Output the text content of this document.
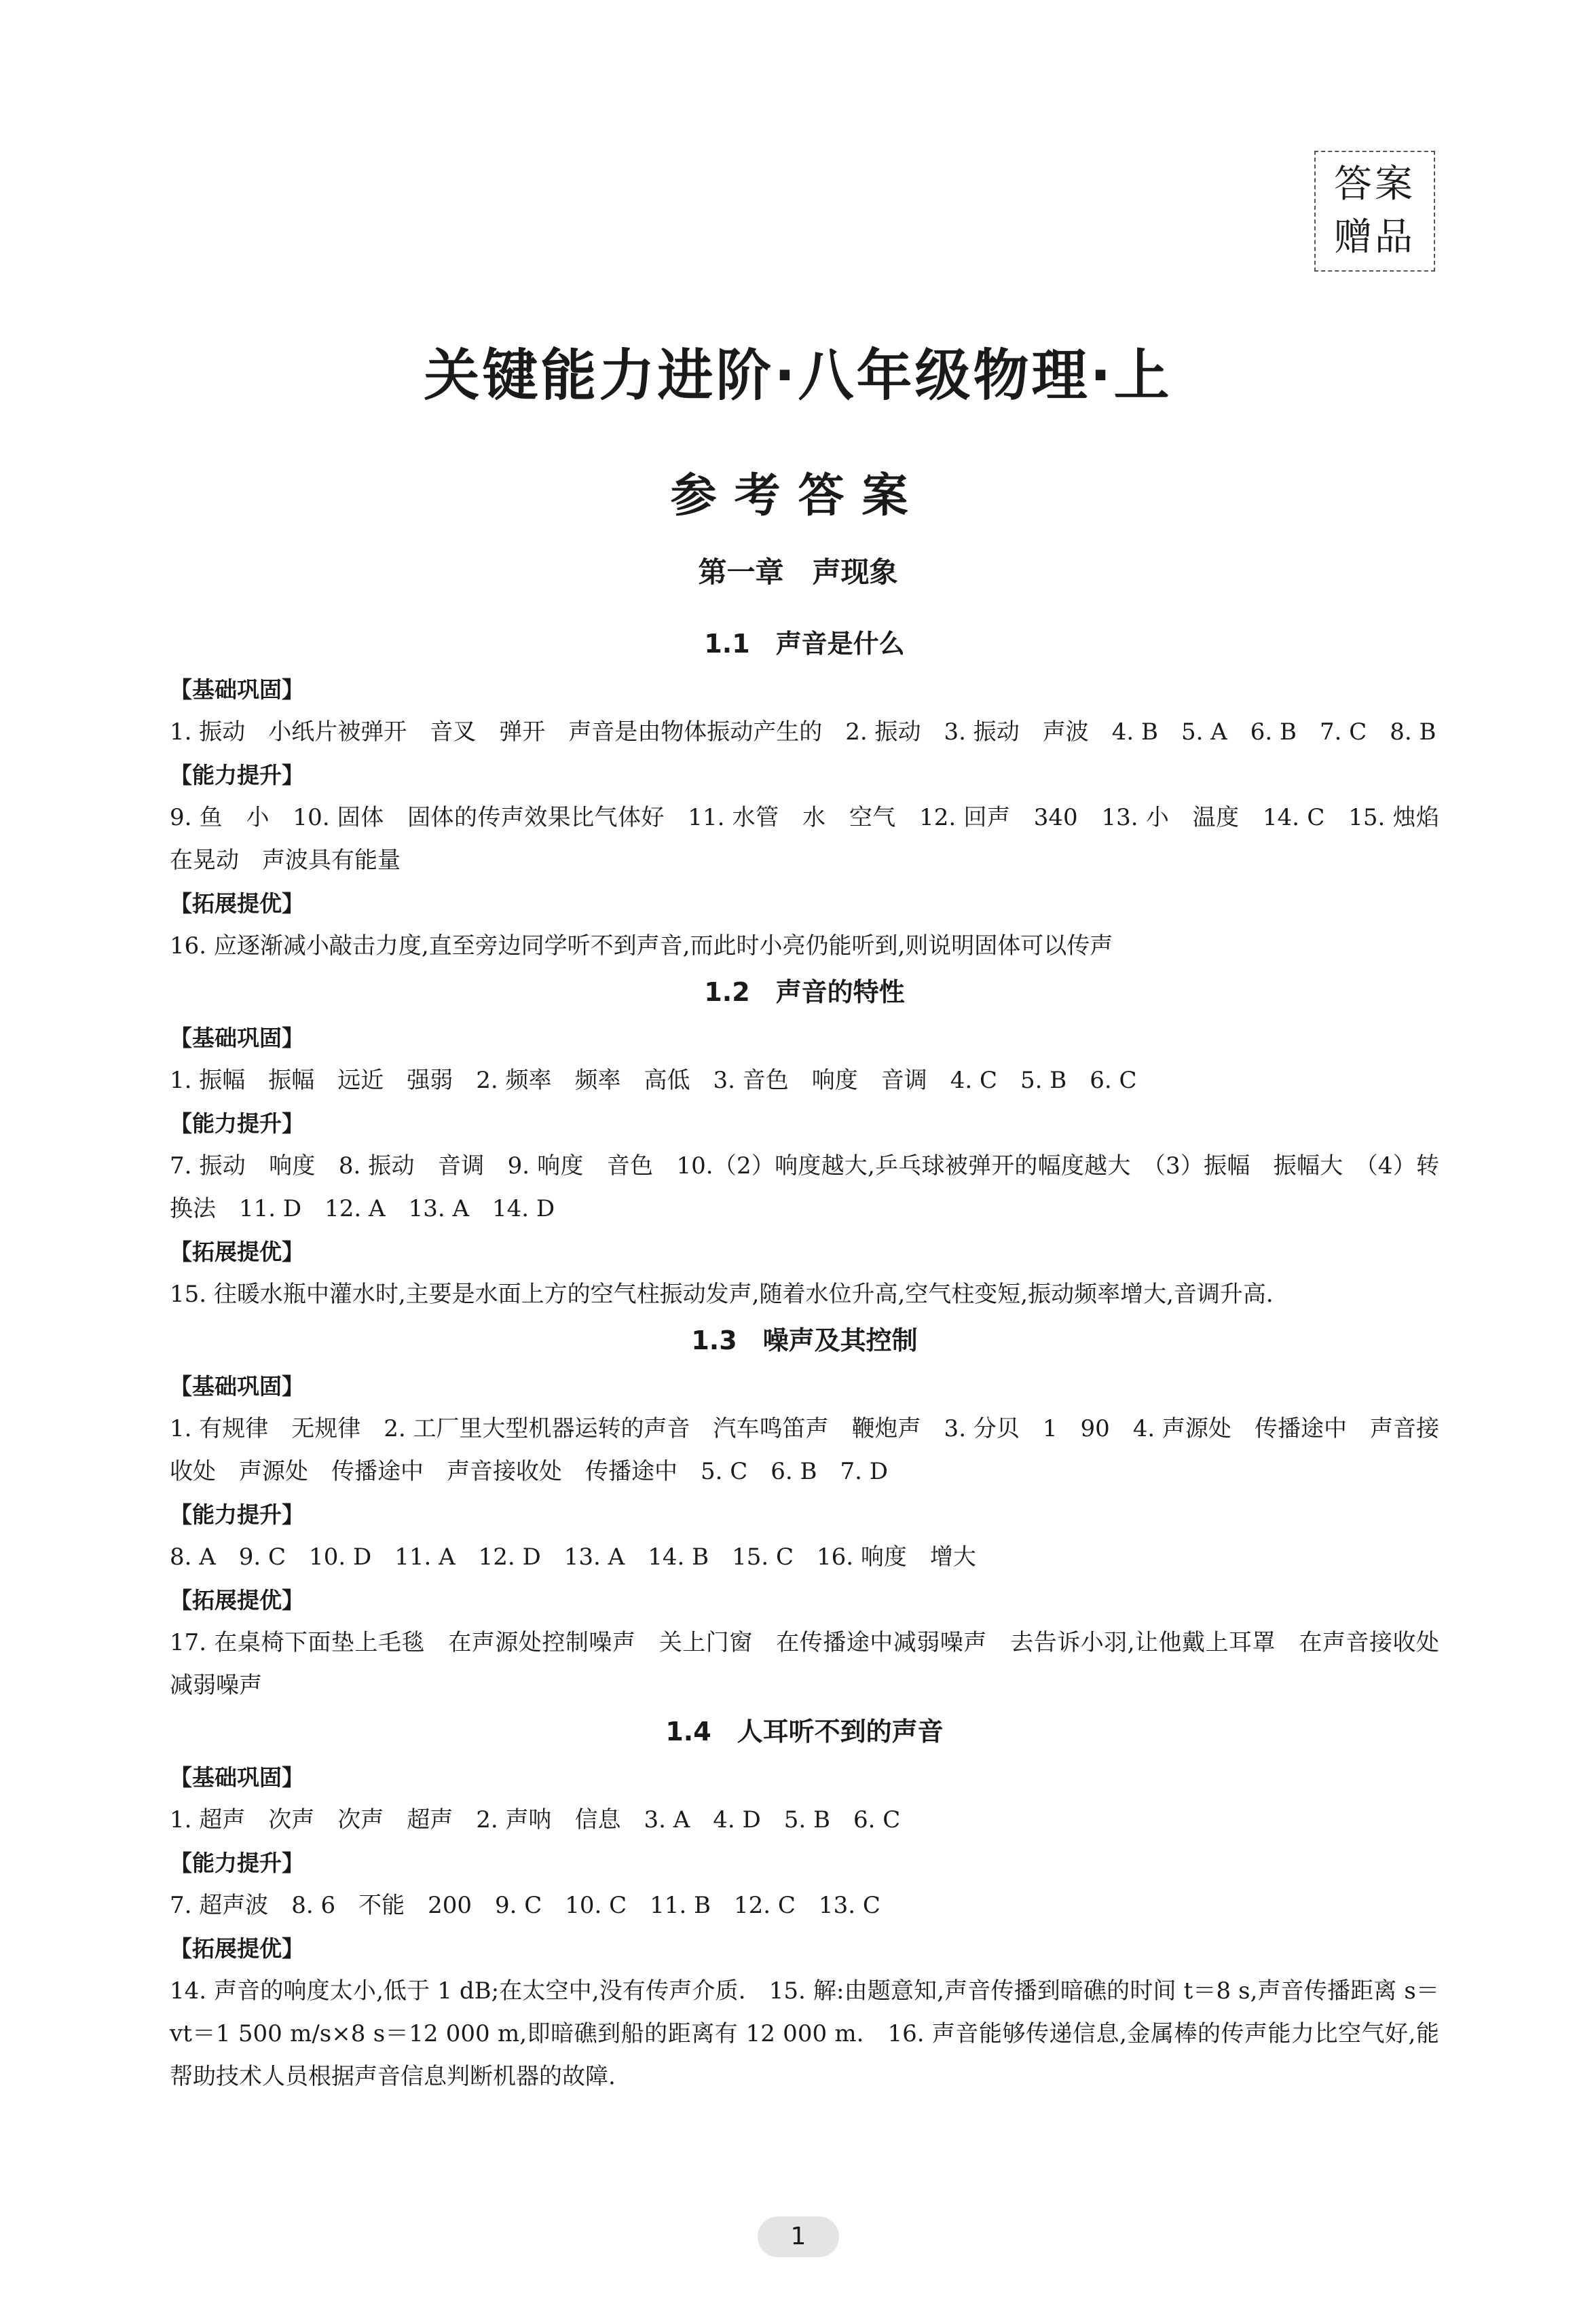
答案
赠品
关键能力进阶·八年级物理·上
参考答案
第一章　声现象
1.1　声音是什么
【基础巩固】
1. 振动　小纸片被弹开　音叉　弹开　声音是由物体振动产生的　2. 振动　3. 振动　声波　4. B　5. A　6. B　7. C　8. B
【能力提升】
9. 鱼　小　10. 固体　固体的传声效果比气体好　11. 水管　水　空气　12. 回声　340　13. 小　温度　14. C　15. 烛焰在晃动　声波具有能量
【拓展提优】
16. 应逐渐减小敲击力度,直至旁边同学听不到声音,而此时小亮仍能听到,则说明固体可以传声
1.2　声音的特性
【基础巩固】
1. 振幅　振幅　远近　强弱　2. 频率　频率　高低　3. 音色　响度　音调　4. C　5. B　6. C
【能力提升】
7. 振动　响度　8. 振动　音调　9. 响度　音色　10.（2）响度越大,乒乓球被弹开的幅度越大　（3）振幅　振幅大　（4）转换法　11. D　12. A　13. A　14. D
【拓展提优】
15. 往暖水瓶中灌水时,主要是水面上方的空气柱振动发声,随着水位升高,空气柱变短,振动频率增大,音调升高.
1.3　噪声及其控制
【基础巩固】
1. 有规律　无规律　2. 工厂里大型机器运转的声音　汽车鸣笛声　鞭炮声　3. 分贝　1　90　4. 声源处　传播途中　声音接收处　声源处　传播途中　声音接收处　传播途中　5. C　6. B　7. D
【能力提升】
8. A　9. C　10. D　11. A　12. D　13. A　14. B　15. C　16. 响度　增大
【拓展提优】
17. 在桌椅下面垫上毛毯　在声源处控制噪声　关上门窗　在传播途中减弱噪声　去告诉小羽,让他戴上耳罩　在声音接收处减弱噪声
1.4　人耳听不到的声音
【基础巩固】
1. 超声　次声　次声　超声　2. 声呐　信息　3. A　4. D　5. B　6. C
【能力提升】
7. 超声波　8. 6　不能　200　9. C　10. C　11. B　12. C　13. C
【拓展提优】
14. 声音的响度太小,低于 1 dB;在太空中,没有传声介质.　15. 解:由题意知,声音传播到暗礁的时间 t＝8 s,声音传播距离 s＝vt＝1 500 m/s×8 s＝12 000 m,即暗礁到船的距离有 12 000 m.　16. 声音能够传递信息,金属棒的传声能力比空气好,能帮助技术人员根据声音信息判断机器的故障.
1
